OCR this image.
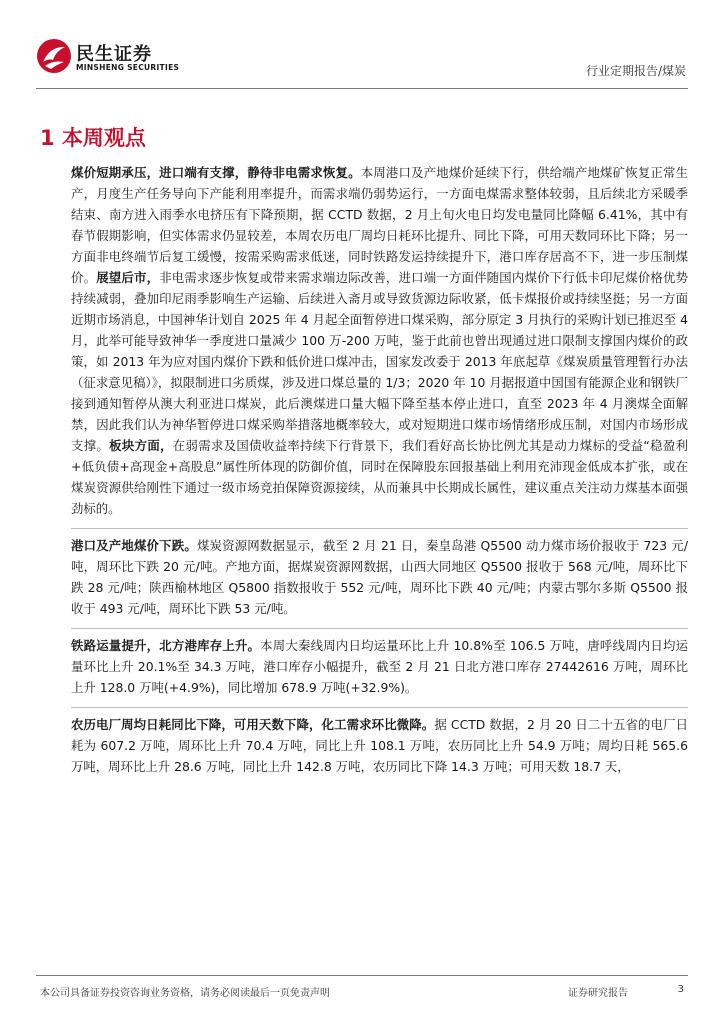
民生证券
MINSHENG SECURITIES	行业定期报告/煤炭
1 本周观点

煤价短期承压，进口端有支撑，静待非电需求恢复。本周港口及产地煤价延续下行，供给端产地煤矿恢复正常生产，月度生产任务导向下产能利用率提升，而需求端仍弱势运行，一方面电煤需求整体较弱，且后续北方采暖季结束、南方进入雨季水电挤压有下降预期，据 CCTD 数据，2 月上旬火电日均发电量同比降幅 6.41%，其中有春节假期影响，但实体需求仍显较差，本周农历电厂周均日耗环比提升、同比下降，可用天数同环比下降；另一方面非电终端节后复工缓慢，按需采购需求低迷，同时铁路发运持续提升下，港口库存居高不下，进一步压制煤价。展望后市，非电需求逐步恢复或带来需求端边际改善，进口端一方面伴随国内煤价下行低卡印尼煤价格优势持续减弱，叠加印尼雨季影响生产运输、后续进入斋月或导致货源边际收紧，低卡煤报价或持续坚挺；另一方面近期市场消息，中国神华计划自 2025 年 4 月起全面暂停进口煤采购，部分原定 3 月执行的采购计划已推迟至 4 月，此举可能导致神华一季度进口量减少 100 万-200 万吨，鉴于此前也曾出现通过进口限制支撑国内煤价的政策，如 2013 年为应对国内煤价下跌和低价进口煤冲击，国家发改委于 2013 年底起草《煤炭质量管理暂行办法（征求意见稿）》，拟限制进口劣质煤，涉及进口煤总量的 1/3；2020 年 10 月据报道中国国有能源企业和钢铁厂接到通知暂停从澳大利亚进口煤炭，此后澳煤进口量大幅下降至基本停止进口，直至 2023 年 4 月澳煤全面解禁，因此我们认为神华暂停进口煤采购举措落地概率较大，或对短期进口煤市场情绪形成压制，对国内市场形成支撑。板块方面，在弱需求及国债收益率持续下行背景下，我们看好高长协比例尤其是动力煤标的受益“稳盈利+低负债+高现金+高股息”属性所体现的防御价值，同时在保障股东回报基础上利用充沛现金低成本扩张，或在煤炭资源供给刚性下通过一级市场竞拍保障资源接续，从而兼具中长期成长属性，建议重点关注动力煤基本面强劲标的。

港口及产地煤价下跌。煤炭资源网数据显示，截至 2 月 21 日，秦皇岛港 Q5500 动力煤市场价报收于 723 元/吨，周环比下跌 20 元/吨。产地方面，据煤炭资源网数据，山西大同地区 Q5500 报收于 568 元/吨，周环比下跌 28 元/吨；陕西榆林地区 Q5800 指数报收于 552 元/吨，周环比下跌 40 元/吨；内蒙古鄂尔多斯 Q5500 报收于 493 元/吨，周环比下跌 53 元/吨。

铁路运量提升，北方港库存上升。本周大秦线周内日均运量环比上升 10.8%至 106.5 万吨，唐呼线周内日均运量环比上升 20.1%至 34.3 万吨，港口库存小幅提升，截至 2 月 21 日北方港口库存 27442616 万吨，周环比上升 128.0 万吨(+4.9%)，同比增加 678.9 万吨(+32.9%)。

农历电厂周均日耗同比下降，可用天数下降，化工需求环比微降。据 CCTD 数据，2 月 20 日二十五省的电厂日耗为 607.2 万吨，周环比上升 70.4 万吨，同比上升 108.1 万吨，农历同比上升 54.9 万吨；周均日耗 565.6 万吨，周环比上升 28.6 万吨，同比上升 142.8 万吨，农历同比下降 14.3 万吨；可用天数 18.7 天，

本公司具备证券投资咨询业务资格，请务必阅读最后一页免责声明	证券研究报告	3
